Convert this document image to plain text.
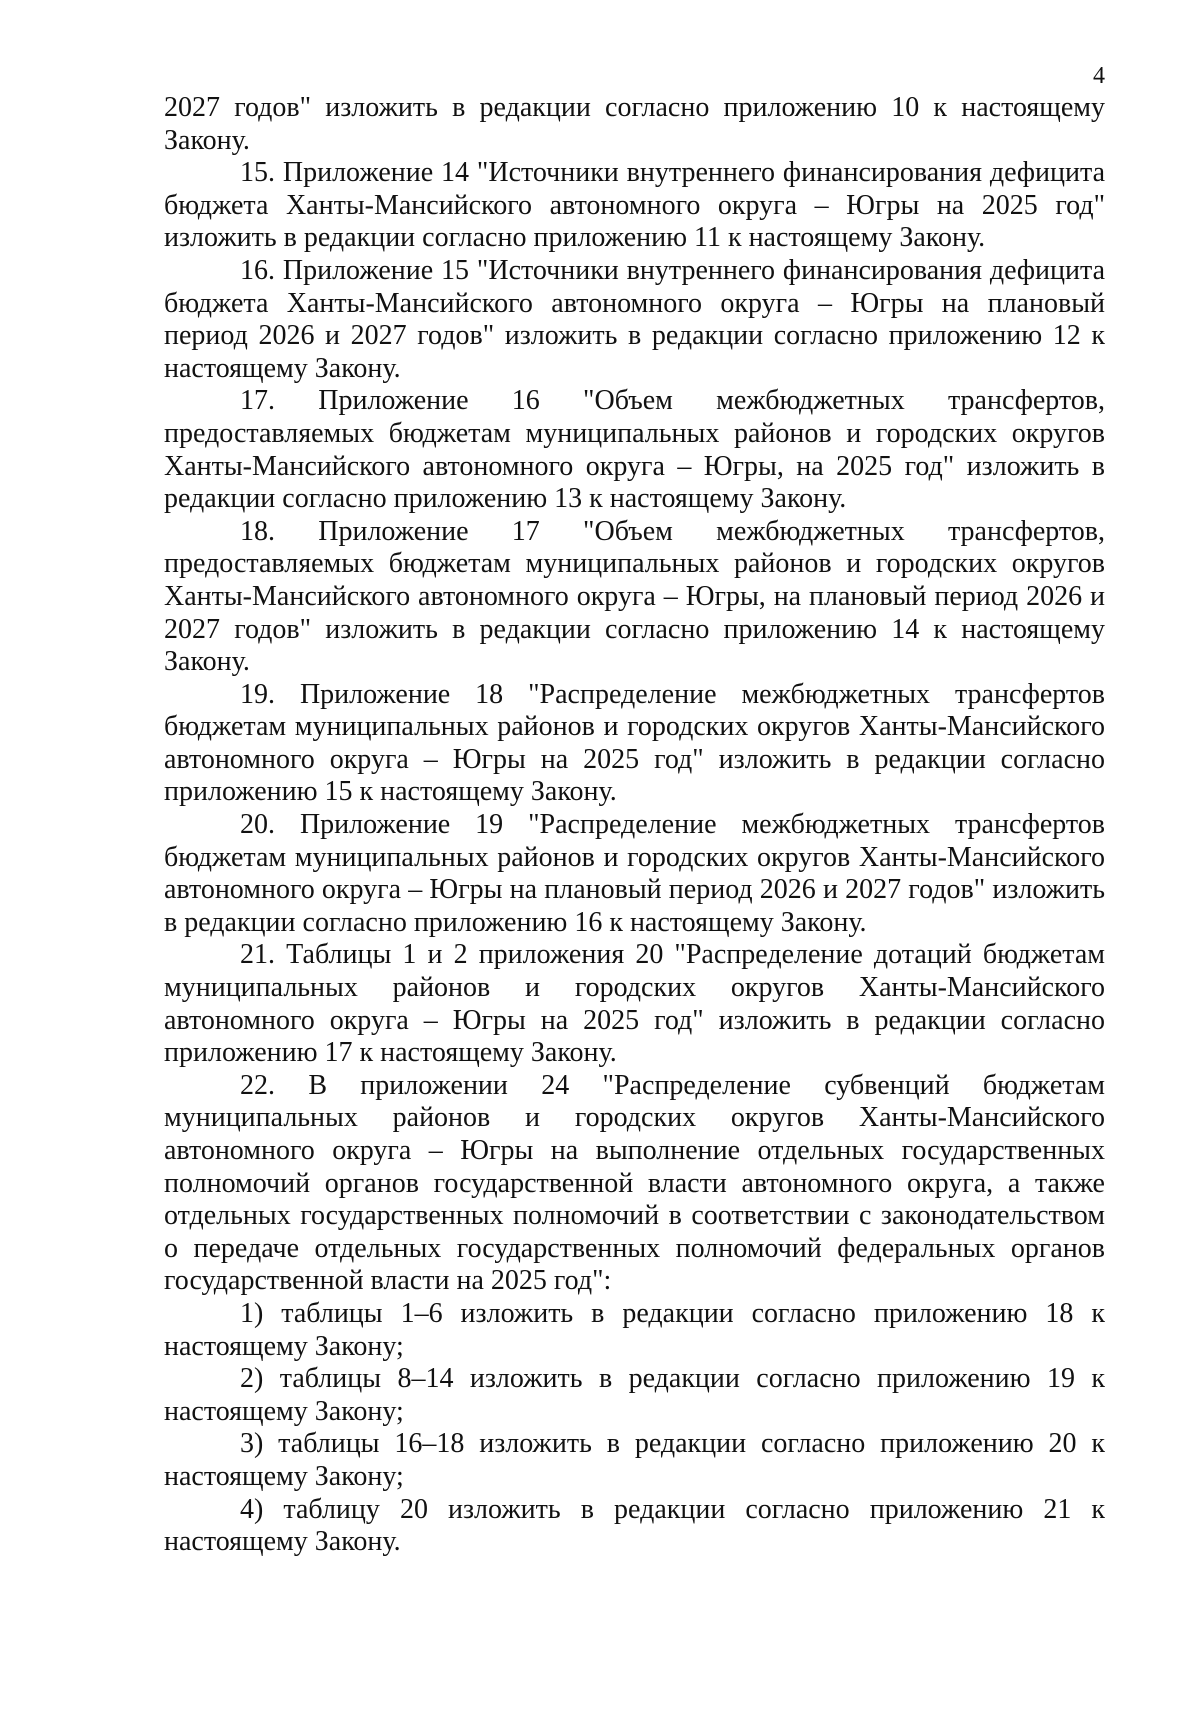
4

2027 годов" изложить в редакции согласно приложению 10 к настоящему Закону.

15. Приложение 14 "Источники внутреннего финансирования дефицита бюджета Ханты-Мансийского автономного округа – Югры на 2025 год" изложить в редакции согласно приложению 11 к настоящему Закону.

16. Приложение 15 "Источники внутреннего финансирования дефицита бюджета Ханты-Мансийского автономного округа – Югры на плановый период 2026 и 2027 годов" изложить в редакции согласно приложению 12 к настоящему Закону.

17. Приложение 16 "Объем межбюджетных трансфертов, предоставляемых бюджетам муниципальных районов и городских округов Ханты-Мансийского автономного округа – Югры, на 2025 год" изложить в редакции согласно приложению 13 к настоящему Закону.

18. Приложение 17 "Объем межбюджетных трансфертов, предоставляемых бюджетам муниципальных районов и городских округов Ханты-Мансийского автономного округа – Югры, на плановый период 2026 и 2027 годов" изложить в редакции согласно приложению 14 к настоящему Закону.

19. Приложение 18 "Распределение межбюджетных трансфертов бюджетам муниципальных районов и городских округов Ханты-Мансийского автономного округа – Югры на 2025 год" изложить в редакции согласно приложению 15 к настоящему Закону.

20. Приложение 19 "Распределение межбюджетных трансфертов бюджетам муниципальных районов и городских округов Ханты-Мансийского автономного округа – Югры на плановый период 2026 и 2027 годов" изложить в редакции согласно приложению 16 к настоящему Закону.

21. Таблицы 1 и 2 приложения 20 "Распределение дотаций бюджетам муниципальных районов и городских округов Ханты-Мансийского автономного округа – Югры на 2025 год" изложить в редакции согласно приложению 17 к настоящему Закону.

22. В приложении 24 "Распределение субвенций бюджетам муниципальных районов и городских округов Ханты-Мансийского автономного округа – Югры на выполнение отдельных государственных полномочий органов государственной власти автономного округа, а также отдельных государственных полномочий в соответствии с законодательством о передаче отдельных государственных полномочий федеральных органов государственной власти на 2025 год":

1) таблицы 1–6 изложить в редакции согласно приложению 18 к настоящему Закону;

2) таблицы 8–14 изложить в редакции согласно приложению 19 к настоящему Закону;

3) таблицы 16–18 изложить в редакции согласно приложению 20 к настоящему Закону;

4) таблицу 20 изложить в редакции согласно приложению 21 к настоящему Закону.
